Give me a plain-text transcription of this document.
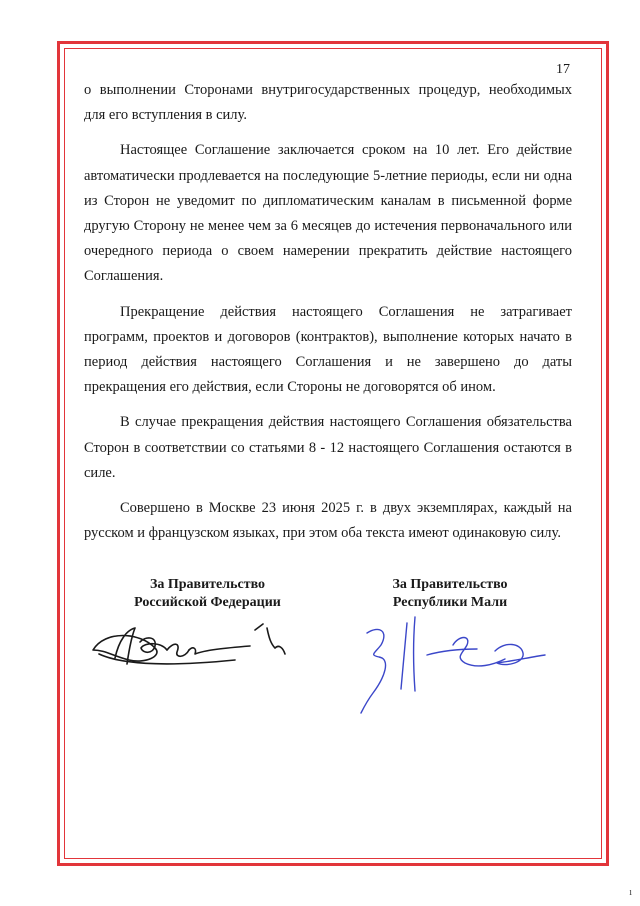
17

о выполнении Сторонами внутригосударственных процедур, необходимых для его вступления в силу.

Настоящее Соглашение заключается сроком на 10 лет. Его действие автоматически продлевается на последующие 5-летние периоды, если ни одна из Сторон не уведомит по дипломатическим каналам в письменной форме другую Сторону не менее чем за 6 месяцев до истечения первоначального или очередного периода о своем намерении прекратить действие настоящего Соглашения.

Прекращение действия настоящего Соглашения не затрагивает программ, проектов и договоров (контрактов), выполнение которых начато в период действия настоящего Соглашения и не завершено до даты прекращения его действия, если Стороны не договорятся об ином.

В случае прекращения действия настоящего Соглашения обязательства Сторон в соответствии со статьями 8 - 12 настоящего Соглашения остаются в силе.

Совершено в Москве 23 июня 2025 г. в двух экземплярах, каждый на русском и французском языках, при этом оба текста имеют одинаковую силу.

За Правительство
Российской Федерации
За Правительство
Республики Мали
ı
